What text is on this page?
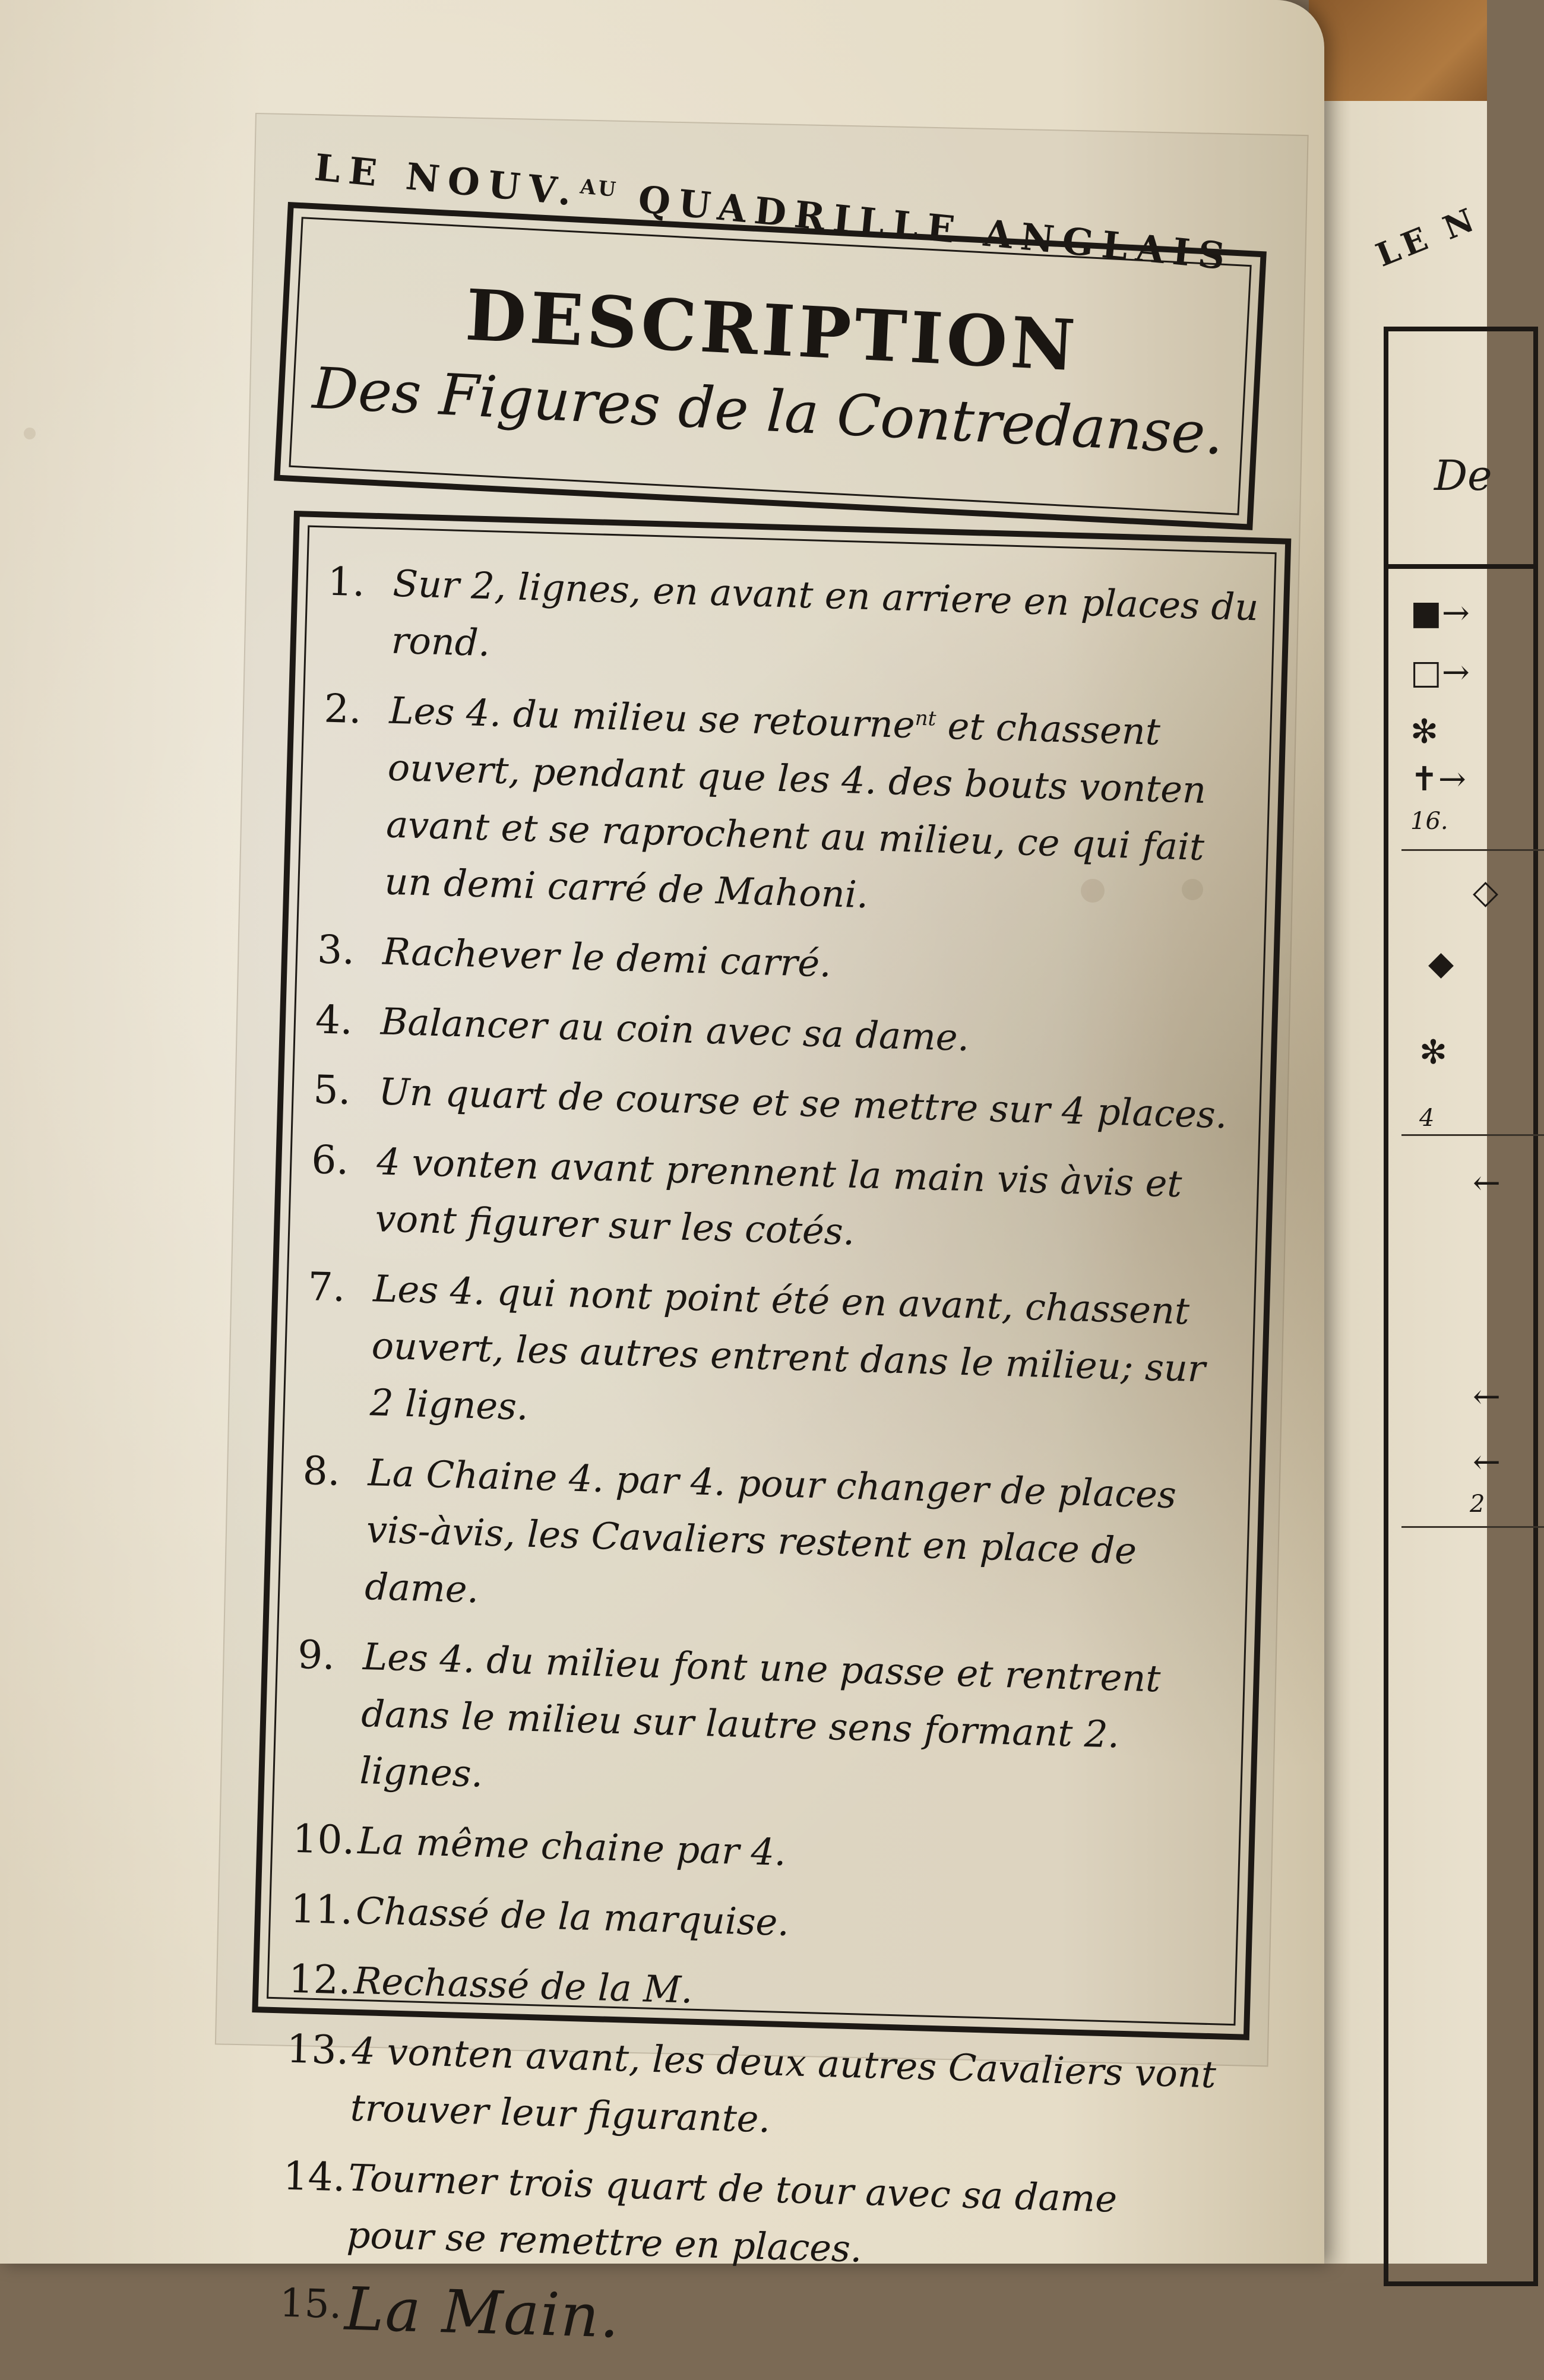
LE N
De
■→
□→
✻
✝→
16.
◇
◆
✻
4
←
←
←
2
LE NOUV.$^{AU}$ QUADRILLE ANGLAIS
DESCRIPTION
Des Figures de la Contredanse.
1. Sur 2, lignes, en avant en arriere en places du rond.
2. Les 4. du milieu se retourne$^{nt}$ et chassent ouvert, pendant que les 4. des bouts vonten avant et se raprochent au milieu, ce qui fait un demi carré de Mahoni.
3. Rachever le demi carré.
4. Balancer au coin avec sa dame.
5. Un quart de course et se mettre sur 4 places.
6. 4 vonten avant prennent la main vis àvis et vont figurer sur les cotés.
7. Les 4. qui nont point été en avant, chassent ouvert, les autres entrent dans le milieu; sur 2 lignes.
8. La Chaine 4. par 4. pour changer de places vis-àvis, les Cavaliers restent en place de dame.
9. Les 4. du milieu font une passe et rentrent dans le milieu sur lautre sens formant 2. lignes.
10. La même chaine par 4.
11. Chassé de la marquise.
12. Rechassé de la M.
13. 4 vonten avant, les deux autres Cavaliers vont trouver leur figurante.
14. Tourner trois quart de tour avec sa dame pour se remettre en places.
15. La Main.
